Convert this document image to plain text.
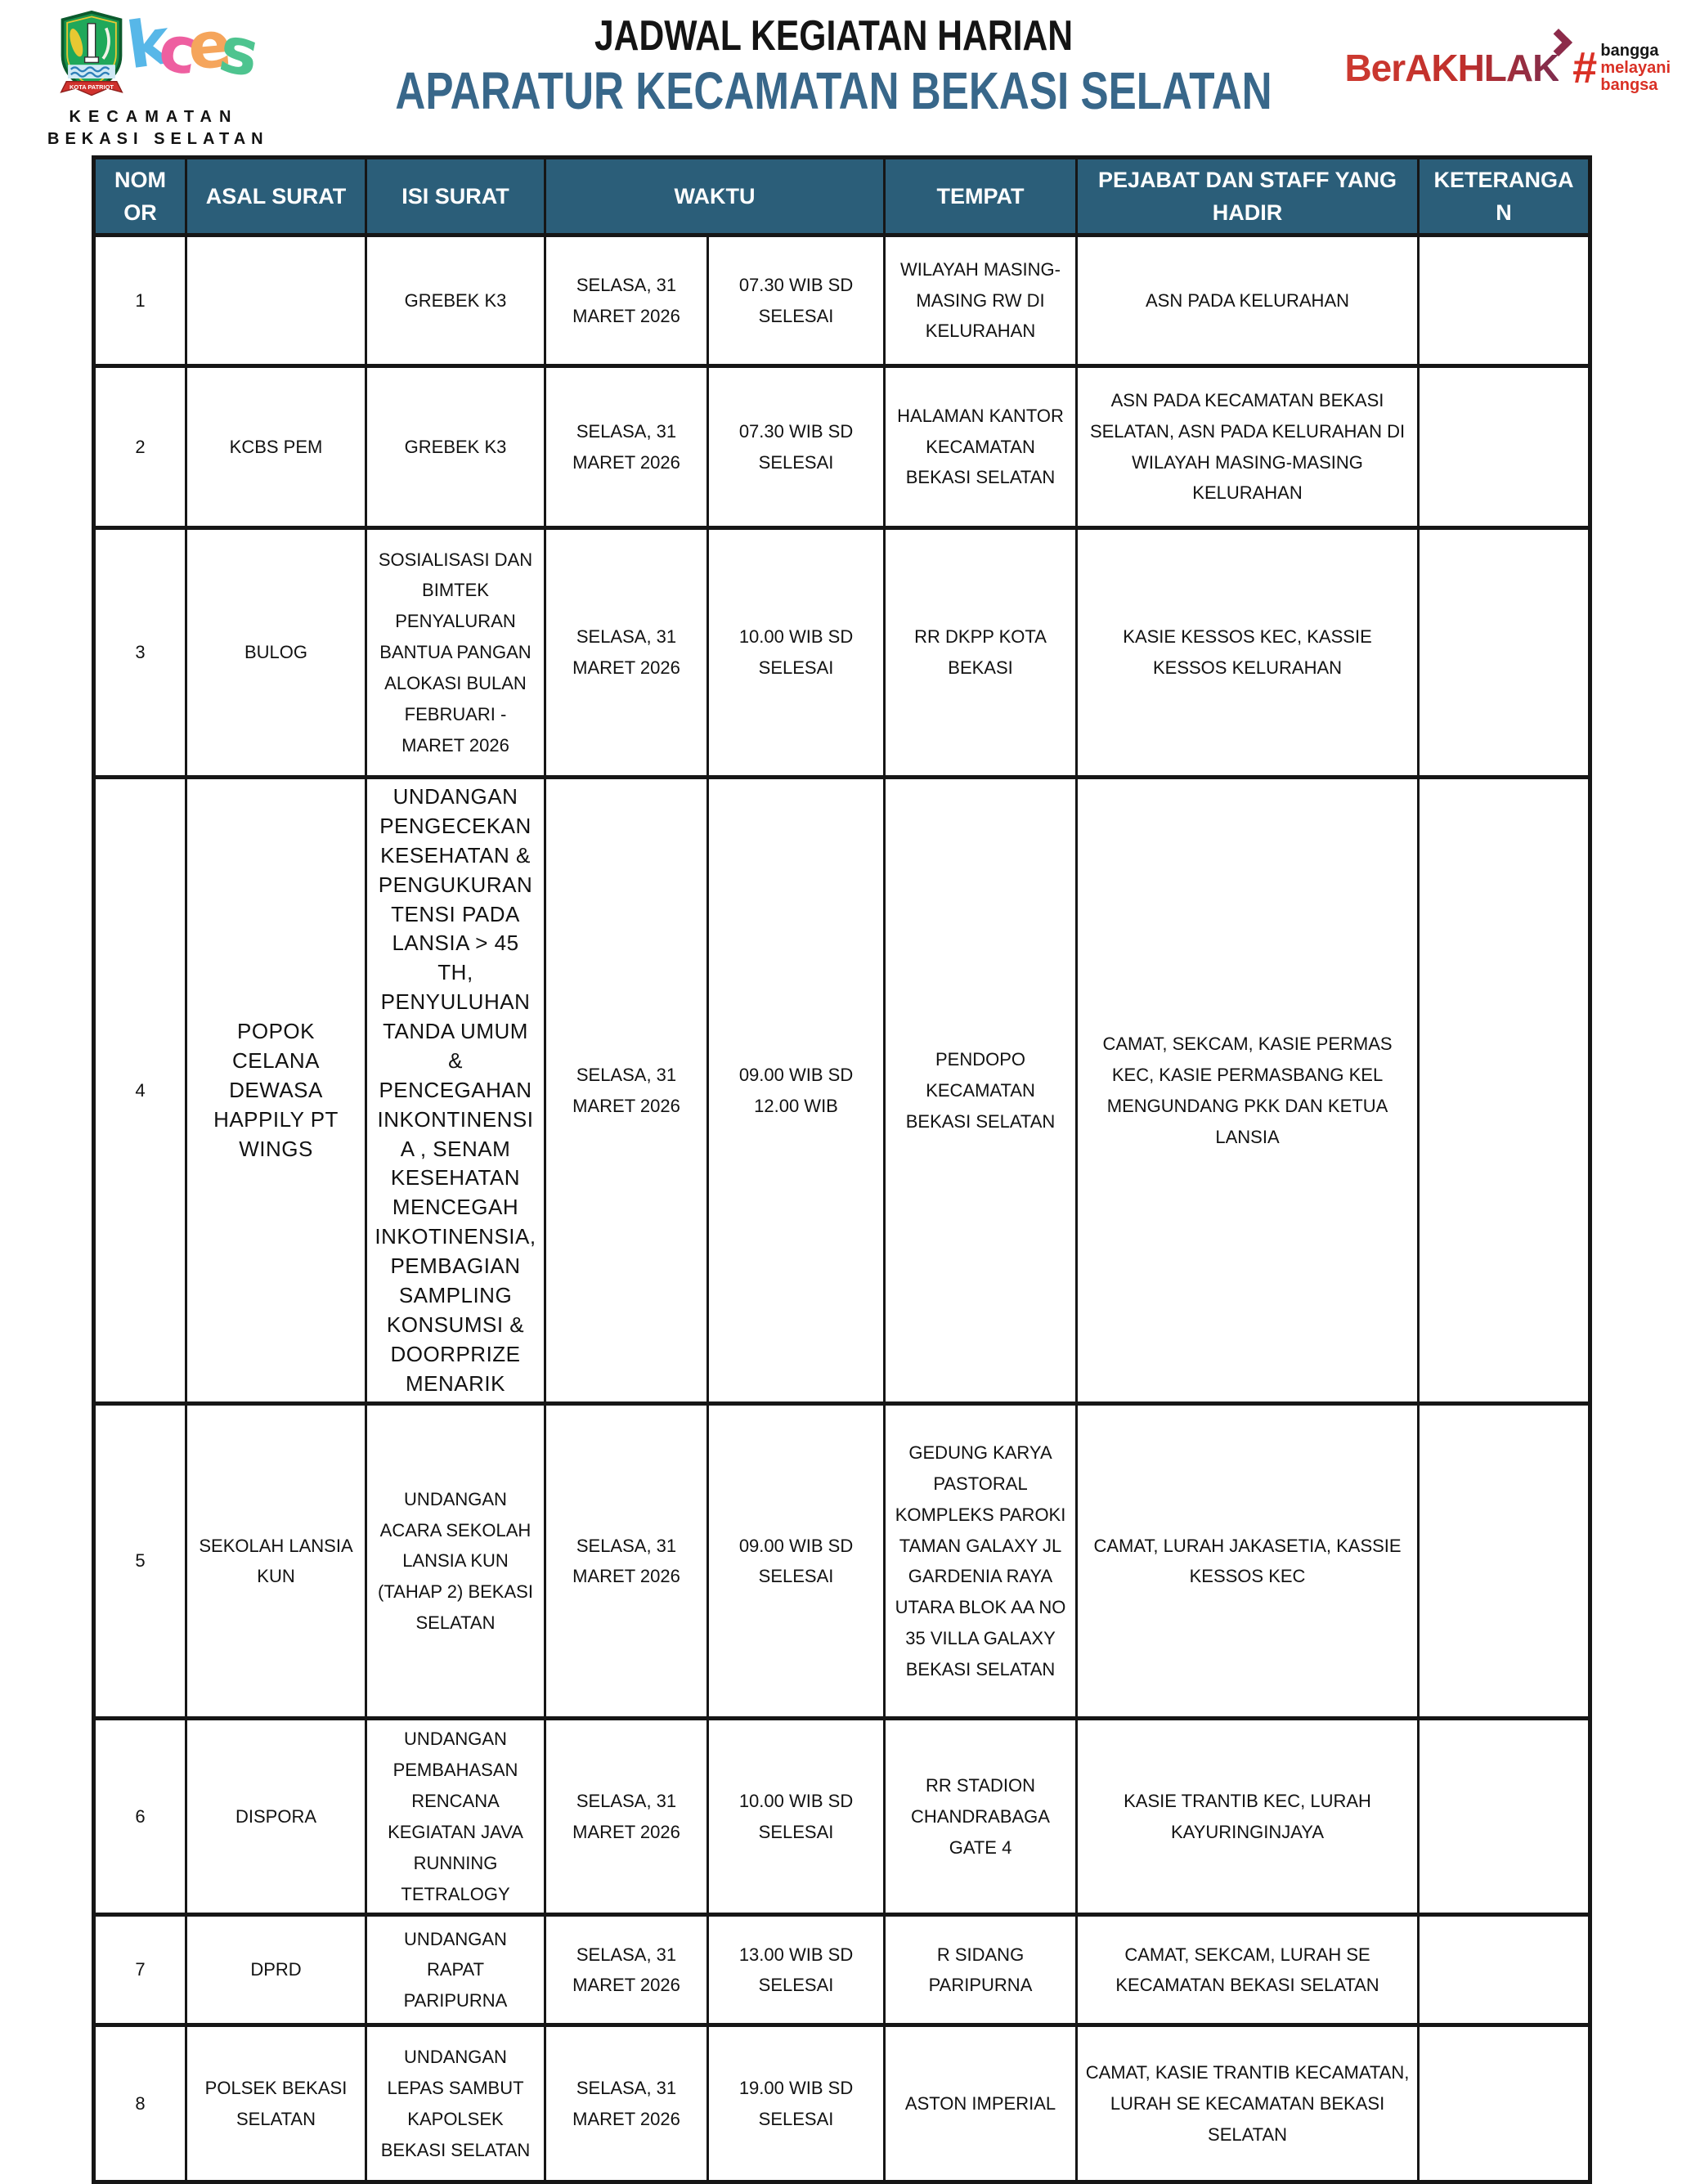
KOTA PATRIOT
kces
KECAMATAN
BEKASI SELATAN
JADWAL KEGIATAN HARIAN
APARATUR KECAMATAN BEKASI SELATAN	BerAKHLAK # bangga
melayani
bangsa
NOMOR	ASAL SURAT	ISI SURAT	WAKTU		TEMPAT	PEJABAT DAN STAFF YANG HADIR	KETERANGAN
1		GREBEK K3	SELASA, 31 MARET 2026	07.30 WIB SD SELESAI	WILAYAH MASING-MASING RW DI KELURAHAN	ASN PADA KELURAHAN	
2	KCBS PEM	GREBEK K3	SELASA, 31 MARET 2026	07.30 WIB SD SELESAI	HALAMAN KANTOR KECAMATAN BEKASI SELATAN	ASN PADA KECAMATAN BEKASI SELATAN, ASN PADA KELURAHAN DI WILAYAH MASING-MASING KELURAHAN	
3	BULOG	SOSIALISASI DAN BIMTEK PENYALURAN BANTUA PANGAN ALOKASI BULAN FEBRUARI - MARET 2026	SELASA, 31 MARET 2026	10.00 WIB SD SELESAI	RR DKPP KOTA BEKASI	KASIE KESSOS KEC, KASSIE KESSOS KELURAHAN	
4	POPOK CELANA DEWASA HAPPILY PT WINGS	UNDANGAN PENGECEKAN KESEHATAN & PENGUKURAN TENSI PADA LANSIA > 45 TH, PENYULUHAN TANDA UMUM & PENCEGAHAN INKONTINENSIA , SENAM KESEHATAN MENCEGAH INKOTINENSIA, PEMBAGIAN SAMPLING KONSUMSI & DOORPRIZE MENARIK	SELASA, 31 MARET 2026	09.00 WIB SD 12.00 WIB	PENDOPO KECAMATAN BEKASI SELATAN	CAMAT, SEKCAM, KASIE PERMAS KEC, KASIE PERMASBANG KEL MENGUNDANG PKK DAN KETUA LANSIA	
5	SEKOLAH LANSIA KUN	UNDANGAN ACARA SEKOLAH LANSIA KUN (TAHAP 2) BEKASI SELATAN	SELASA, 31 MARET 2026	09.00 WIB SD SELESAI	GEDUNG KARYA PASTORAL KOMPLEKS PAROKI TAMAN GALAXY JL GARDENIA RAYA UTARA BLOK AA NO 35 VILLA GALAXY BEKASI SELATAN	CAMAT, LURAH JAKASETIA, KASSIE KESSOS KEC	
6	DISPORA	UNDANGAN PEMBAHASAN RENCANA KEGIATAN JAVA RUNNING TETRALOGY	SELASA, 31 MARET 2026	10.00 WIB SD SELESAI	RR STADION CHANDRABAGA GATE 4	KASIE TRANTIB KEC, LURAH KAYURINGINJAYA	
7	DPRD	UNDANGAN RAPAT PARIPURNA	SELASA, 31 MARET 2026	13.00 WIB SD SELESAI	R SIDANG PARIPURNA	CAMAT, SEKCAM, LURAH SE KECAMATAN BEKASI SELATAN	
8	POLSEK BEKASI SELATAN	UNDANGAN LEPAS SAMBUT KAPOLSEK BEKASI SELATAN	SELASA, 31 MARET 2026	19.00 WIB SD SELESAI	ASTON IMPERIAL	CAMAT, KASIE TRANTIB KECAMATAN, LURAH SE KECAMATAN BEKASI SELATAN	
